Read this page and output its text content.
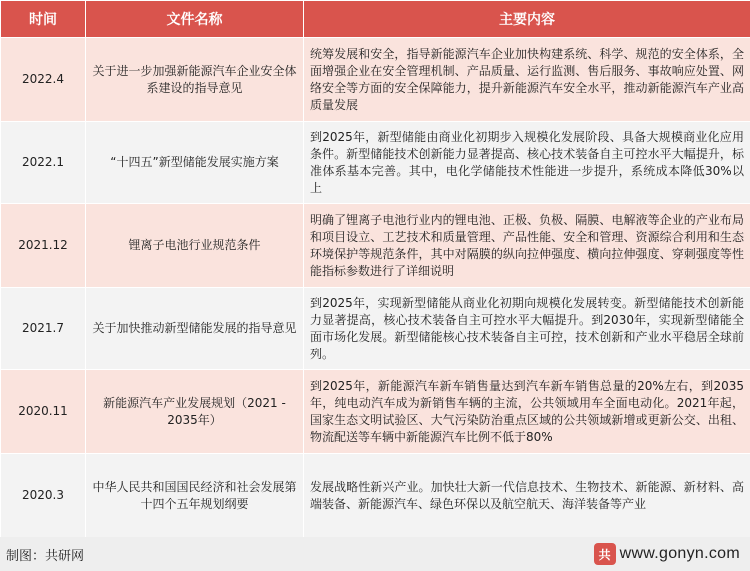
时间	文件名称	主要内容
2022.4	关于进一步加强新能源汽车企业安全体系建设的指导意见	统筹发展和安全，指导新能源汽车企业加快构建系统、科学、规范的安全体系，全面增强企业在安全管理机制、产品质量、运行监测、售后服务、事故响应处置、网络安全等方面的安全保障能力，提升新能源汽车安全水平，推动新能源汽车产业高质量发展
2022.1	“十四五”新型储能发展实施方案	到2025年，新型储能由商业化初期步入规模化发展阶段、具备大规模商业化应用条件。新型储能技术创新能力显著提高、核心技术装备自主可控水平大幅提升，标准体系基本完善。其中，电化学储能技术性能进一步提升，系统成本降低30%以上
2021.12	锂离子电池行业规范条件	明确了锂离子电池行业内的锂电池、正极、负极、隔膜、电解液等企业的产业布局和项目设立、工艺技术和质量管理、产品性能、安全和管理、资源综合利用和生态环境保护等规范条件，其中对隔膜的纵向拉伸强度、横向拉伸强度、穿刺强度等性能指标参数进行了详细说明
2021.7	关于加快推动新型储能发展的指导意见	到2025年，实现新型储能从商业化初期向规模化发展转变。新型储能技术创新能力显著提高，核心技术装备自主可控水平大幅提升。到2030年，实现新型储能全面市场化发展。新型储能核心技术装备自主可控，技术创新和产业水平稳居全球前列。
2020.11	新能源汽车产业发展规划（2021 - 2035年）	到2025年，新能源汽车新车销售量达到汽车新车销售总量的20%左右，到2035年，纯电动汽车成为新销售车辆的主流，公共领域用车全面电动化。2021年起，国家生态文明试验区、大气污染防治重点区域的公共领域新增或更新公交、出租、物流配送等车辆中新能源汽车比例不低于80%
2020.3	中华人民共和国国民经济和社会发展第十四个五年规划纲要	发展战略性新兴产业。加快壮大新一代信息技术、生物技术、新能源、新材料、高端装备、新能源汽车、绿色环保以及航空航天、海洋装备等产业
制图：共研网	共 www.gonyn.com
